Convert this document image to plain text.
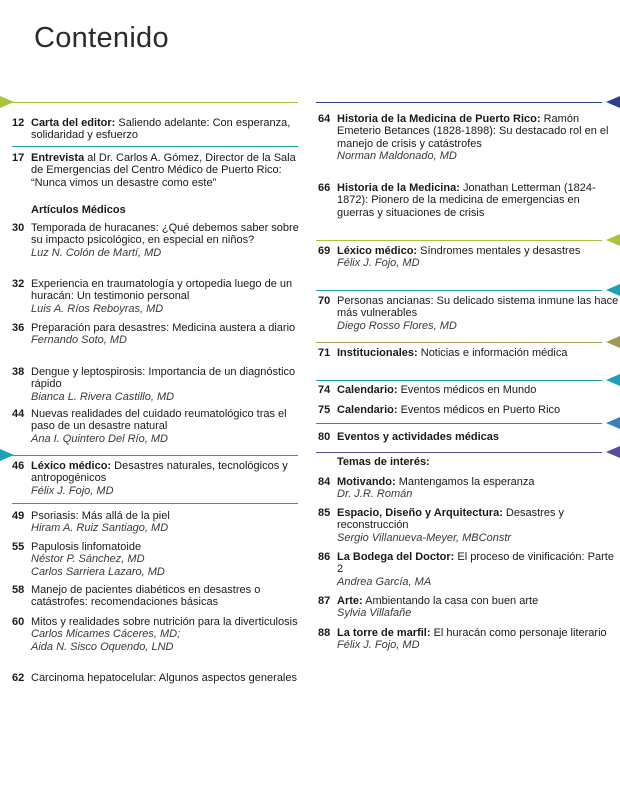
Contenido
12 Carta del editor: Saliendo adelante: Con esperanza, solidaridad y esfuerzo
17 Entrevista al Dr. Carlos A. Gómez, Director de la Sala de Emergencias del Centro Médico de Puerto Rico: “Nunca vimos un desastre como este”
Artículos Médicos
30 Temporada de huracanes: ¿Qué debemos saber sobre su impacto psicológico, en especial en niños?
Luz N. Colón de Martí, MD
32 Experiencia en traumatología y ortopedia luego de un huracán: Un testimonio personal
Luis A. Ríos Reboyras, MD
36 Preparación para desastres: Medicina austera a diario
Fernando Soto, MD
38 Dengue y leptospirosis: Importancia de un diagnóstico rápido
Bianca L. Rivera Castillo, MD
44 Nuevas realidades del cuidado reumatológico tras el paso de un desastre natural
Ana I. Quintero Del Río, MD
46 Léxico médico: Desastres naturales, tecnológicos y antropogénicos
Félix J. Fojo, MD
49 Psoriasis: Más allá de la piel
Hiram A. Ruiz Santiago, MD
55 Papulosis linfomatoide
Néstor P. Sánchez, MD
Carlos Sarriera Lazaro, MD
58 Manejo de pacientes diabéticos en desastres o catástrofes: recomendaciones básicas
60 Mitos y realidades sobre nutrición para la diverticulosis
Carlos Micames Cáceres, MD;
Aida N. Sisco Oquendo, LND
62 Carcinoma hepatocelular: Algunos aspectos generales
64 Historia de la Medicina de Puerto Rico: Ramón Emeterio Betances (1828-1898): Su destacado rol en el manejo de crisis y catástrofes
Norman Maldonado, MD
66 Historia de la Medicina: Jonathan Letterman (1824-1872): Pionero de la medicina de emergencias en guerras y situaciones de crisis
69 Léxico médico: Síndromes mentales y desastres
Félix J. Fojo, MD
70 Personas ancianas: Su delicado sistema inmune las hace más vulnerables
Diego Rosso Flores, MD
71 Institucionales: Noticias e información médica
74 Calendario: Eventos médicos en Mundo
75 Calendario: Eventos médicos en Puerto Rico
80 Eventos y actividades médicas
Temas de interés:
84 Motivando: Mantengamos la esperanza
Dr. J.R. Román
85 Espacio, Diseño y Arquitectura: Desastres y reconstrucción
Sergio Villanueva-Meyer, MBConstr
86 La Bodega del Doctor: El proceso de vinificación: Parte 2
Andrea García, MA
87 Arte: Ambientando la casa con buen arte
Sylvia Villafañe
88 La torre de marfil: El huracán como personaje literario
Félix J. Fojo, MD
